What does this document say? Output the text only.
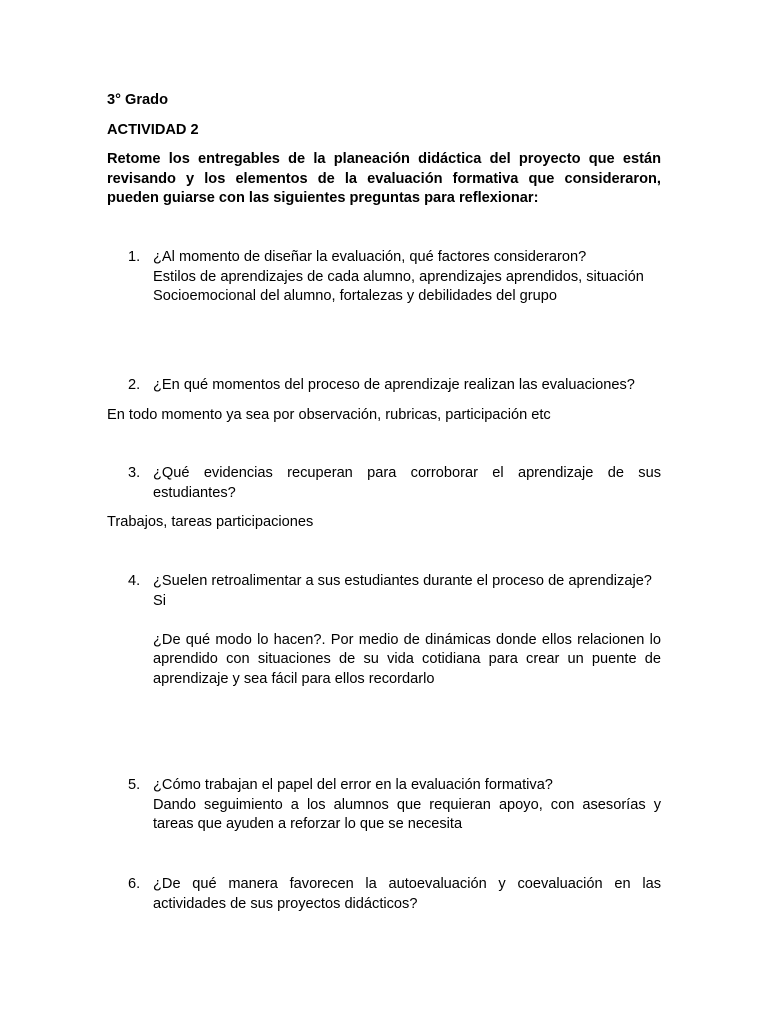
3° Grado
ACTIVIDAD 2
Retome los entregables de la planeación didáctica del proyecto que están revisando y los elementos de la evaluación formativa que consideraron, pueden guiarse con las siguientes preguntas para reflexionar:
1. ¿Al momento de diseñar la evaluación, qué factores consideraron?

Estilos de aprendizajes de cada alumno, aprendizajes aprendidos, situación

Socioemocional del alumno, fortalezas y debilidades del grupo

2. ¿En qué momentos del proceso de aprendizaje realizan las evaluaciones?

En todo momento ya sea por observación, rubricas, participación etc
3. ¿Qué evidencias recuperan para corroborar el aprendizaje de sus estudiantes?

Trabajos, tareas participaciones
4. ¿Suelen retroalimentar a sus estudiantes durante el proceso de aprendizaje?

Si

¿De qué modo lo hacen?. Por medio de dinámicas donde ellos relacionen lo aprendido con situaciones de su vida cotidiana para crear un puente de aprendizaje y sea fácil para ellos recordarlo

5. ¿Cómo trabajan el papel del error en la evaluación formativa?

Dando seguimiento a los alumnos que requieran apoyo, con asesorías y tareas que ayuden a reforzar lo que se necesita

6. ¿De qué manera favorecen la autoevaluación y coevaluación en las actividades de sus proyectos didácticos?
